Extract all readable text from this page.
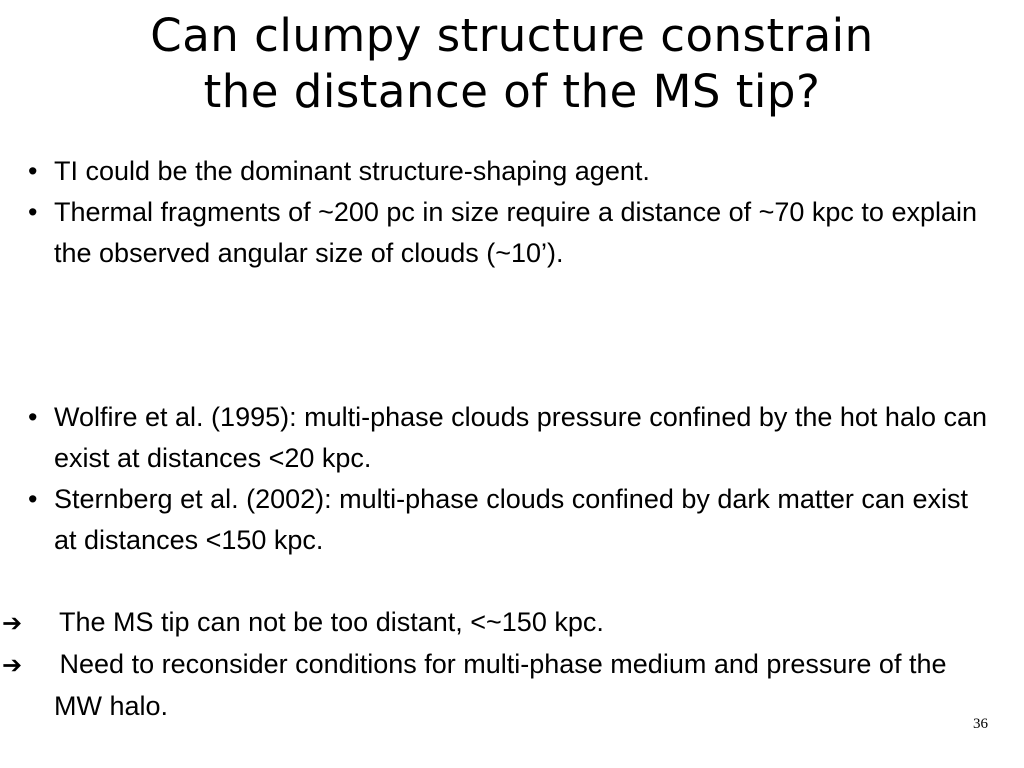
Can clumpy structure constrain
the distance of the MS tip?
• TI could be the dominant structure-shaping agent.
• Thermal fragments of ~200 pc in size require a distance of ~70 kpc to explain the observed angular size of clouds (~10’).
• Wolfire et al. (1995): multi-phase clouds pressure confined by the hot halo can exist at distances <20 kpc.
• Sternberg et al. (2002): multi-phase clouds confined by dark matter can exist at distances <150 kpc.
➔ The MS tip can not be too distant, <~150 kpc.
➔ Need to reconsider conditions for multi-phase medium and pressure of the MW halo.
36
